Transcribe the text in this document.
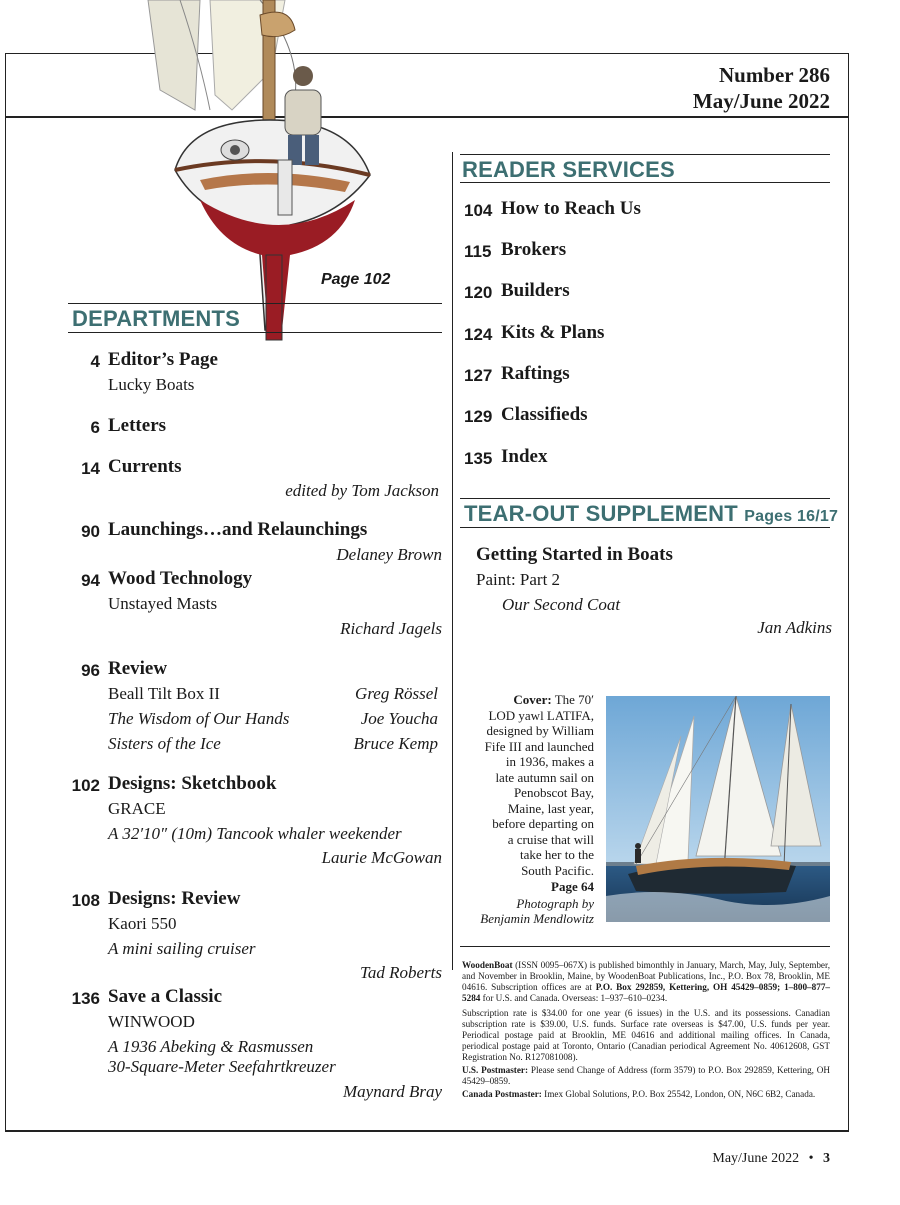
Number 286
May/June 2022
Page 102
DEPARTMENTS
4 Editor’s Page
Lucky Boats
6 Letters
14 Currents
edited by Tom Jackson
90 Launchings…and Relaunchings
Delaney Brown
94 Wood Technology
Unstayed Masts
Richard Jagels
96 Review
Beall Tilt Box II	Greg Rössel
The Wisdom of Our Hands	Joe Youcha
Sisters of the Ice	Bruce Kemp
102 Designs: Sketchbook
GRACE
A 32′10″ (10m) Tancook whaler weekender
Laurie McGowan
108 Designs: Review
Kaori 550
A mini sailing cruiser
Tad Roberts
136 Save a Classic
WINWOOD
A 1936 Abeking & Rasmussen
30-Square-Meter Seefahrtkreuzer
Maynard Bray
READER SERVICES
104 How to Reach Us
115 Brokers
120 Builders
124 Kits & Plans
127 Raftings
129 Classifieds
135 Index
TEAR-OUT SUPPLEMENT Pages 16/17
Getting Started in Boats
Paint: Part 2
Our Second Coat
Jan Adkins
Cover: The 70′
LOD yawl LATIFA,
designed by William
Fife III and launched
in 1936, makes a
late autumn sail on
Penobscot Bay,
Maine, last year,
before departing on
a cruise that will
take her to the
South Pacific.
Page 64
Photograph by
Benjamin Mendlowitz
WoodenBoat (ISSN 0095–067X) is published bimonthly in January, March, May, July, September, and November in Brooklin, Maine, by WoodenBoat Publications, Inc., P.O. Box 78, Brooklin, ME 04616. Subscription offices are at P.O. Box 292859, Kettering, OH 45429–0859; 1–800–877–5284 for U.S. and Canada. Overseas: 1–937–610–0234.
Subscription rate is $34.00 for one year (6 issues) in the U.S. and its possessions. Canadian subscription rate is $39.00, U.S. funds. Surface rate overseas is $47.00, U.S. funds per year. Periodical postage paid at Brooklin, ME 04616 and additional mailing offices. In Canada, periodical postage paid at Toronto, Ontario (Canadian periodical Agreement No. 40612608, GST Registration No. R127081008).
U.S. Postmaster: Please send Change of Address (form 3579) to P.O. Box 292859, Kettering, OH 45429–0859.
Canada Postmaster: Imex Global Solutions, P.O. Box 25542, London, ON, N6C 6B2, Canada.
May/June 2022 • 3
